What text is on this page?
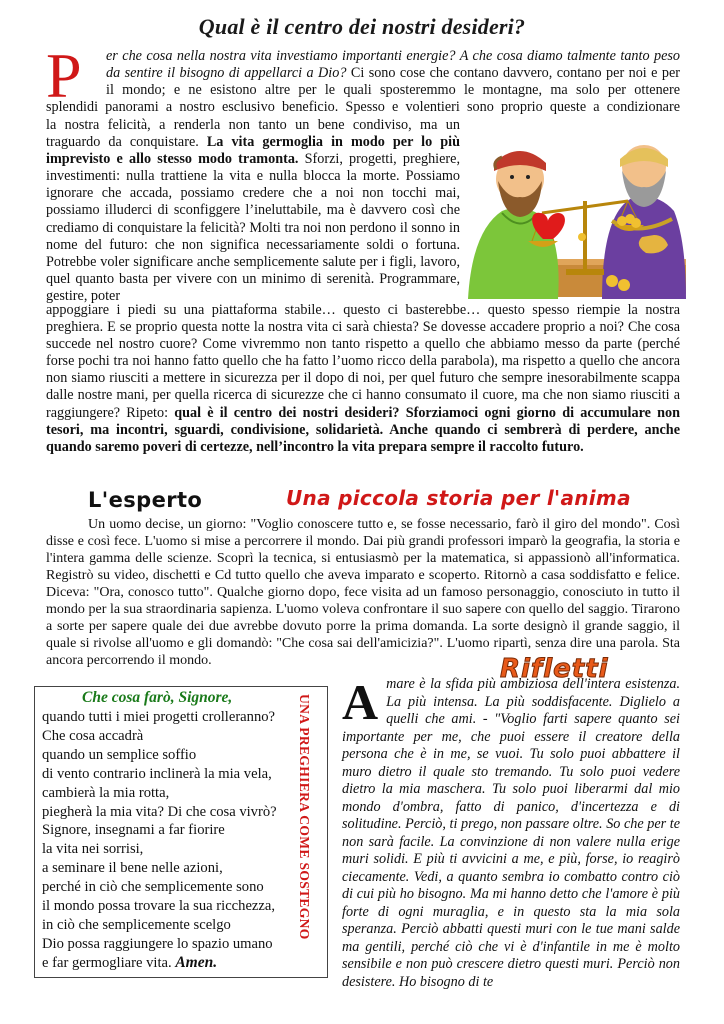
Qual è il centro dei nostri desideri?
P er che cosa nella nostra vita investiamo importanti energie? A che cosa diamo talmente tanto peso
da sentire il bisogno di appellarci a Dio? Ci sono cose che contano davvero, contano per noi e per
il mondo; e ne esistono altre per le quali sposteremmo le montagne, ma solo per ottenere
splendidi panorami a nostro esclusivo beneficio. Spesso e volentieri sono proprio queste a condizionare
la nostra felicità, a renderla non tanto un bene condiviso, ma un traguardo da conquistare. La vita germoglia in modo per lo più imprevisto e allo stesso modo tramonta. Sforzi, progetti, preghiere, investimenti: nulla trattiene la vita e nulla blocca la morte. Possiamo ignorare che accada, possiamo credere che a noi non tocchi mai, possiamo illuderci di sconfiggere l’ineluttabile, ma è davvero così che crediamo di conquistare la felicità? Molti tra noi non perdono il sonno in nome del futuro: che non significa necessariamente soldi o fortuna. Potrebbe voler significare anche semplicemente salute per i figli, lavoro, quel quanto basta per vivere con un minimo di serenità. Programmare, gestire, poter
appoggiare i piedi su una piattaforma stabile… questo ci basterebbe… questo spesso riempie la nostra preghiera. E se proprio questa notte la nostra vita ci sarà chiesta? Se dovesse accadere proprio a noi? Che cosa succede nel nostro cuore? Come vivremmo non tanto rispetto a quello che abbiamo messo da parte (perché forse pochi tra noi hanno fatto quello che ha fatto l’uomo ricco della parabola), ma rispetto a quello che ancora non siamo riusciti a mettere in sicurezza per il dopo di noi, per quel futuro che sempre inesorabilmente scappa dalle nostre mani, per quella ricerca di sicurezze che ci hanno consumato il cuore, ma che non siamo riusciti a raggiungere? Ripeto: qual è il centro dei nostri desideri? Sforziamoci ogni giorno di accumulare non tesori, ma incontri, sguardi, condivisione, solidarietà. Anche quando ci sembrerà di perdere, anche quando saremo poveri di certezze, nell’incontro la vita prepara sempre il raccolto futuro.
L'esperto	Una piccola storia per l'anima
Un uomo decise, un giorno: "Voglio conoscere tutto e, se fosse necessario, farò il giro del mondo". Così disse e così fece. L'uomo si mise a percorrere il mondo. Dai più grandi professori imparò la geografia, la storia e l'intera gamma delle scienze. Scoprì la tecnica, si entusiasmò per la matematica, si appassionò all'informatica. Registrò su video, dischetti e Cd tutto quello che aveva imparato e scoperto. Ritornò a casa soddisfatto e felice. Diceva: "Ora, conosco tutto". Qualche giorno dopo, fece visita ad un famoso personaggio, conosciuto in tutto il mondo per la sua straordinaria sapienza. L'uomo voleva confrontare il suo sapere con quello del saggio. Tirarono a sorte per sapere quale dei due avrebbe dovuto porre la prima domanda. La sorte designò il grande saggio, il quale si rivolse all'uomo e gli domandò: "Che cosa sai dell'amicizia?". L'uomo ripartì, senza dire una parola. Sta ancora percorrendo il mondo.	Rifletti
Che cosa farò, Signore,
quando tutti i miei progetti crolleranno?
Che cosa accadrà
quando un semplice soffio
di vento contrario inclinerà la mia vela,
cambierà la mia rotta,
piegherà la mia vita? Di che cosa vivrò?
Signore, insegnami a far fiorire
la vita nei sorrisi,
a seminare il bene nelle azioni,
perché in ciò che semplicemente sono
il mondo possa trovare la sua ricchezza,
in ciò che semplicemente scelgo
Dio possa raggiungere lo spazio umano
e far germogliare vita. Amen.
UNA PREGHIERA COME SOSTEGNO Amare è la sfida più ambiziosa dell'intera esistenza. La più intensa. La più soddisfacente. Diglielo a quelli che ami. - "Voglio farti sapere quanto sei importante per me, che puoi essere il creatore della persona che è in me, se vuoi. Tu solo puoi abbattere il muro dietro il quale sto tremando. Tu solo puoi vedere dietro la mia maschera. Tu solo puoi liberarmi dal mio mondo d'ombra, fatto di panico, d'incertezza e di solitudine. Perciò, ti prego, non passare oltre. So che per te non sarà facile. La convinzione di non valere nulla erige muri solidi. E più ti avvicini a me, e più, forse, io reagirò ciecamente. Vedi, a quanto sembra io combatto contro ciò di cui più ho bisogno. Ma mi hanno detto che l'amore è più forte di ogni muraglia, e in questo sta la mia sola speranza. Perciò abbatti questi muri con le tue mani salde ma gentili, perché ciò che vi è d'infantile in me è molto sensibile e non può crescere dietro questi muri. Perciò non desistere. Ho bisogno di te
